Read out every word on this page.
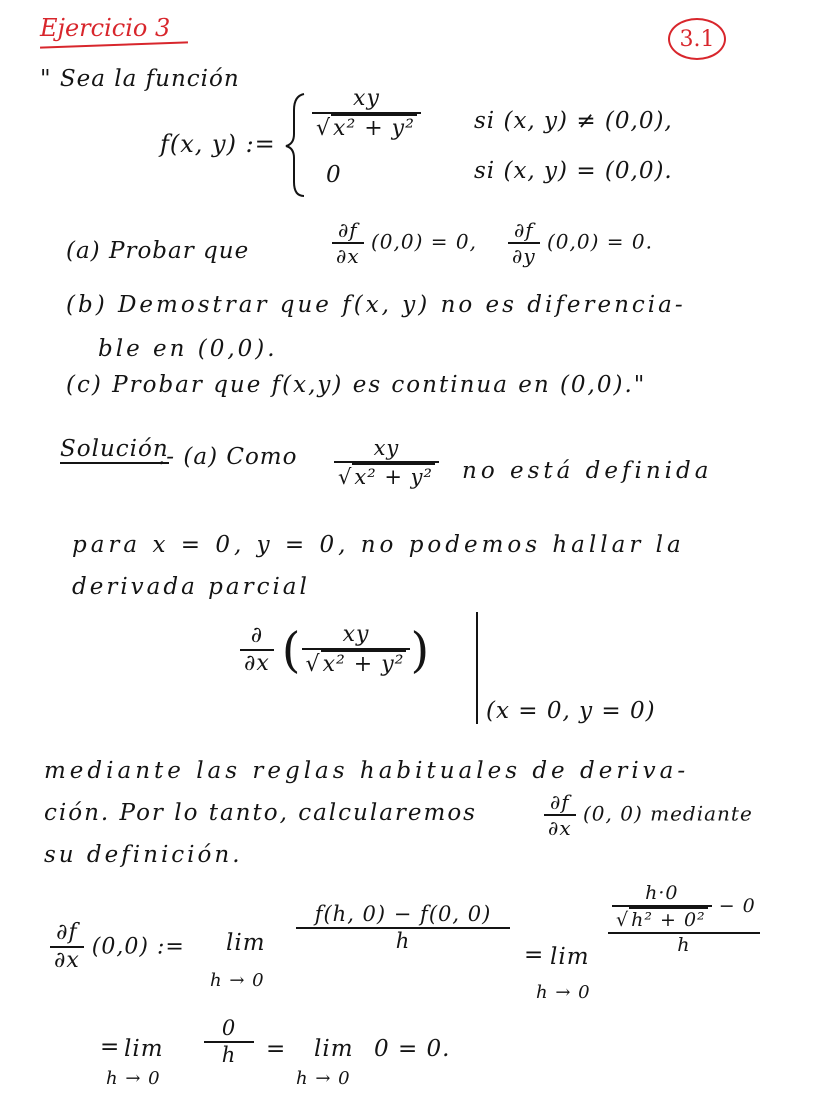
Ejercicio 3	3.1
" Sea la función
f(x, y) :=
$\frac{xy}{\text{√ x² + y²}}$ si (x, y) ≠ (0,0),
0	si (x, y) = (0,0).
(a) Probar que	$\frac{\partial f}{\partial x} (0,0) = 0$, $\frac{\partial f}{\partial y} (0,0) = 0$.
(b) Demostrar que f(x, y) no es diferencia-
ble en (0,0).
(c) Probar que f(x,y) es continua en (0,0)."
Solución
.- (a) Como $\frac{xy}{\text{√ x² + y²}}$ no está definida
para x = 0, y = 0, no podemos hallar la
derivada parcial
$\frac{\partial}{\partial x}$ ( $\frac{xy}{\text{√ x² + y²}}$ )
(x = 0, y = 0)
mediante las reglas habituales de deriva-
ción. Por lo tanto, calcularemos	$\frac{\partial f}{\partial x} (0$, 0) mediante
su definición.
$\frac{\partial f}{\partial x} (0,0)$ := lim
h → 0
$\frac{f(h, 0) - f(0, 0)}{h}$
= lim
h → 0
$\frac{\frac{h\cdot 0}{\text{√ h² + 0²}} - 0}{h}$
= lim
h → 0
$\frac{0}{h} = \lim$
h → 0
0 = 0.
